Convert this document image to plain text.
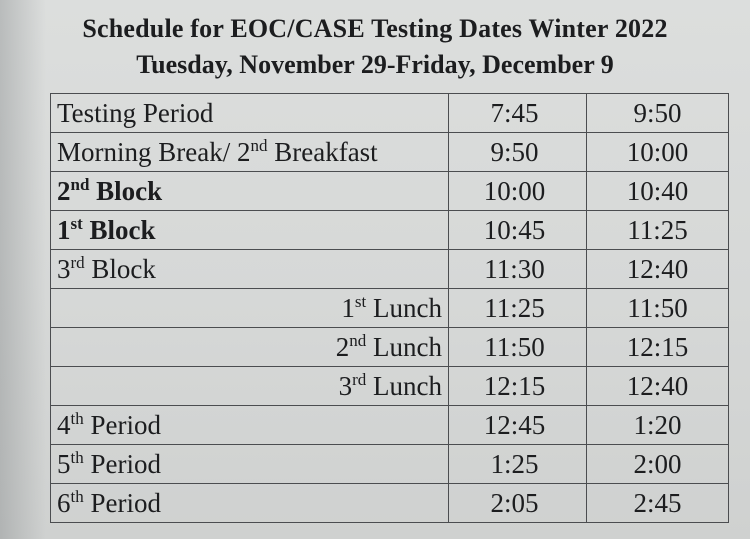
Schedule for EOC/CASE Testing Dates Winter 2022
Tuesday, November 29-Friday, December 9
Testing Period	7:45	9:50
Morning Break/ 2nd Breakfast	9:50	10:00
2nd Block	10:00	10:40
1st Block	10:45	11:25
3rd Block	11:30	12:40
1st Lunch	11:25	11:50
2nd Lunch	11:50	12:15
3rd Lunch	12:15	12:40
4th Period	12:45	1:20
5th Period	1:25	2:00
6th Period	2:05	2:45
